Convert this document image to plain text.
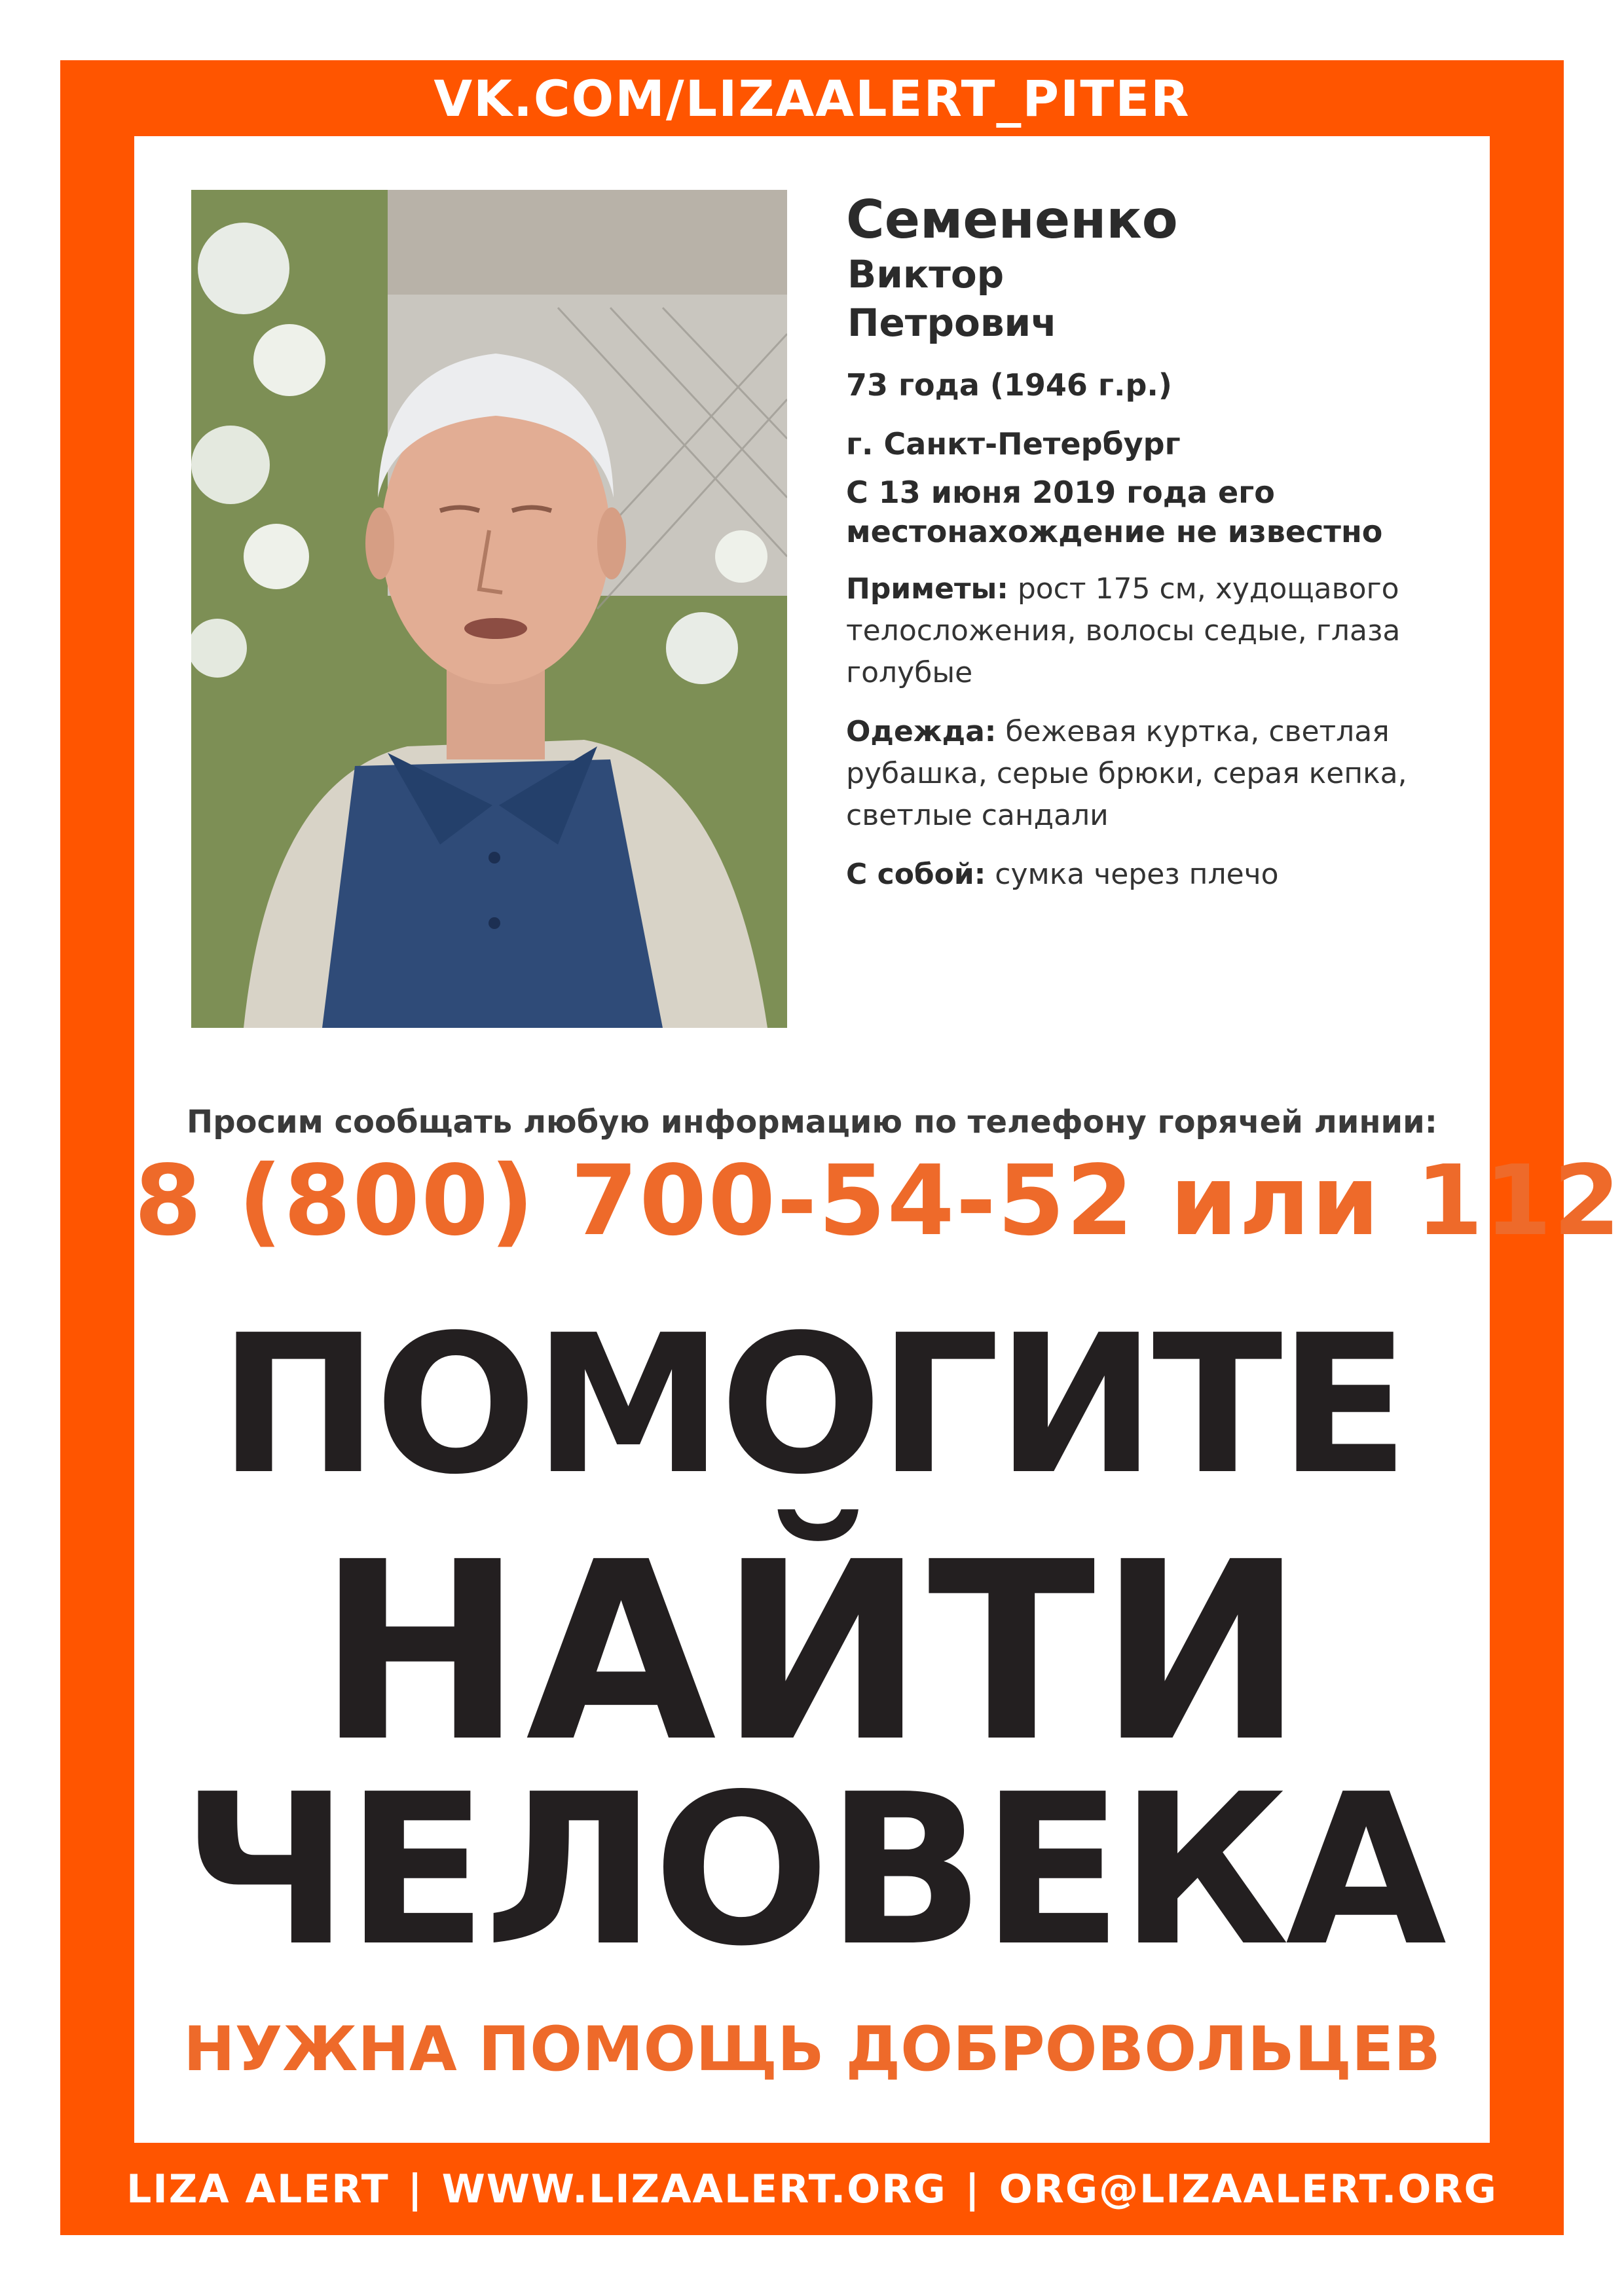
VK.COM/LIZAALERT_PITER
Семененко
Виктор
Петрович
73 года (1946 г.р.)
г. Санкт-Петербург
С 13 июня 2019 года его
местонахождение не известно
Приметы: рост 175 см, худощавого телосложения, волосы седые, глаза голубые
Одежда: бежевая куртка, светлая рубашка, серые брюки, серая кепка, светлые сандали
С собой: сумка через плечо
Просим сообщать любую информацию по телефону горячей линии:
8 (800) 700-54-52 или 112
ПОМОГИТЕ
НАЙТИ
ЧЕЛОВЕКА
НУЖНА ПОМОЩЬ ДОБРОВОЛЬЦЕВ
LIZA ALERT | WWW.LIZAALERT.ORG | ORG@LIZAALERT.ORG
